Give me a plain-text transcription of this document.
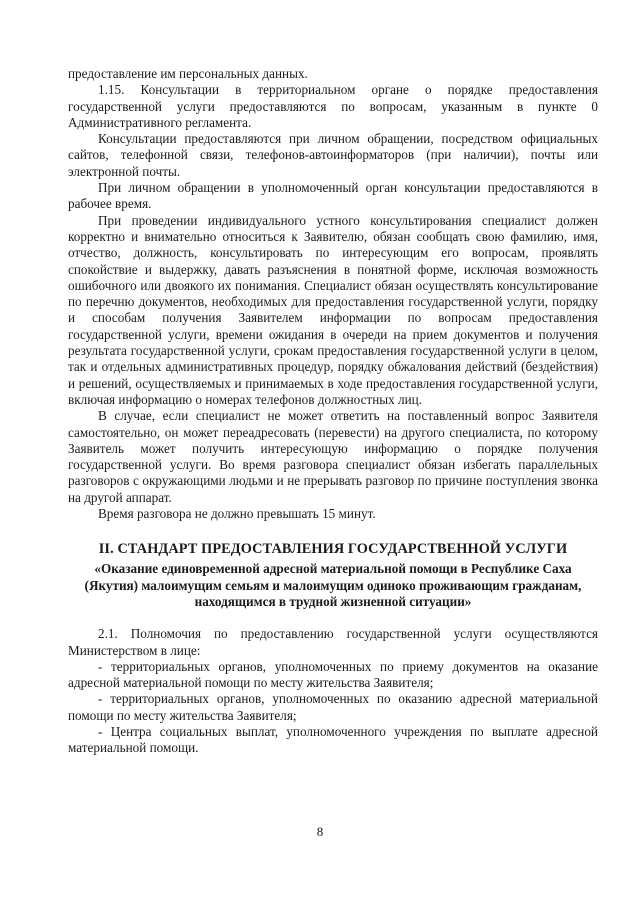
предоставление им персональных данных.

1.15. Консультации в территориальном органе о порядке предоставления государственной услуги предоставляются по вопросам, указанным в пункте 0 Административного регламента.

Консультации предоставляются при личном обращении, посредством официальных сайтов, телефонной связи, телефонов-автоинформаторов (при наличии), почты или электронной почты.

При личном обращении в уполномоченный орган консультации предоставляются в рабочее время.

При проведении индивидуального устного консультирования специалист должен корректно и внимательно относиться к Заявителю, обязан сообщать свою фамилию, имя, отчество, должность, консультировать по интересующим его вопросам, проявлять спокойствие и выдержку, давать разъяснения в понятной форме, исключая возможность ошибочного или двоякого их понимания. Специалист обязан осуществлять консультирование по перечню документов, необходимых для предоставления государственной услуги, порядку и способам получения Заявителем информации по вопросам предоставления государственной услуги, времени ожидания в очереди на прием документов и получения результата государственной услуги, срокам предоставления государственной услуги в целом, так и отдельных административных процедур, порядку обжалования действий (бездействия) и решений, осуществляемых и принимаемых в ходе предоставления государственной услуги, включая информацию о номерах телефонов должностных лиц.

В случае, если специалист не может ответить на поставленный вопрос Заявителя самостоятельно, он может переадресовать (перевести) на другого специалиста, по которому Заявитель может получить интересующую информацию о порядке получения государственной услуги. Во время разговора специалист обязан избегать параллельных разговоров с окружающими людьми и не прерывать разговор по причине поступления звонка на другой аппарат.

Время разговора не должно превышать 15 минут.

II. СТАНДАРТ ПРЕДОСТАВЛЕНИЯ ГОСУДАРСТВЕННОЙ УСЛУГИ
«Оказание единовременной адресной материальной помощи в Республике Саха (Якутия) малоимущим семьям и малоимущим одиноко проживающим гражданам, находящимся в трудной жизненной ситуации»

2.1. Полномочия по предоставлению государственной услуги осуществляются Министерством в лице:

- территориальных органов, уполномоченных по приему документов на оказание адресной материальной помощи по месту жительства Заявителя;

- территориальных органов, уполномоченных по оказанию адресной материальной помощи по месту жительства Заявителя;

- Центра социальных выплат, уполномоченного учреждения по выплате адресной материальной помощи.

8
